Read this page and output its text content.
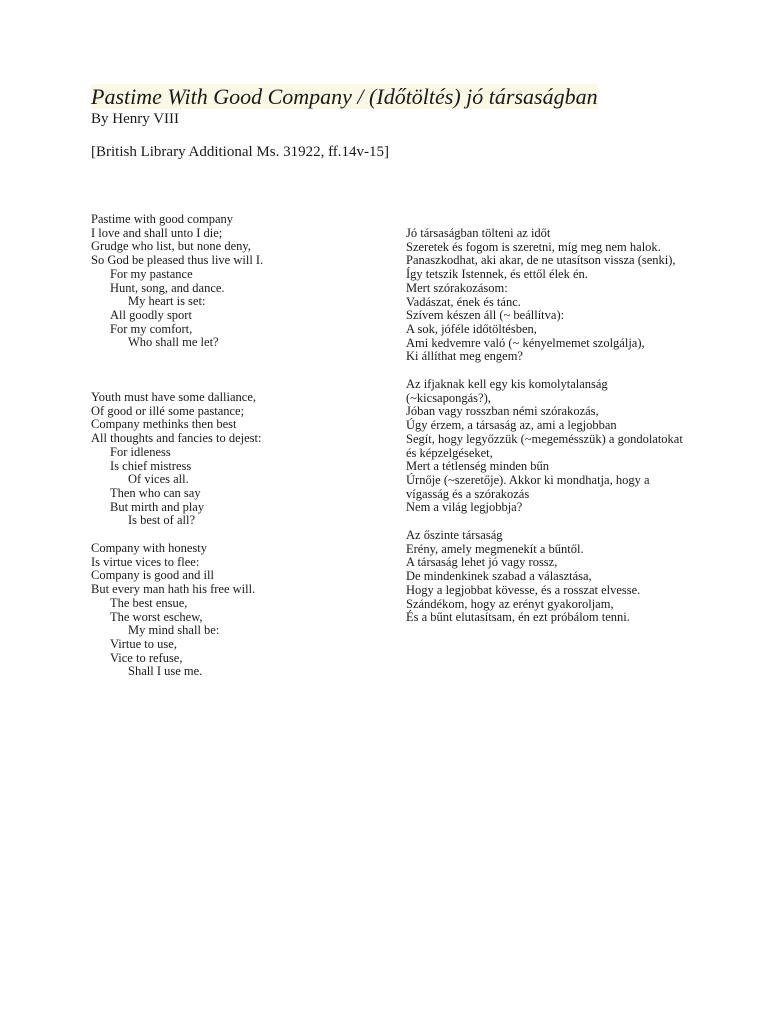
Pastime With Good Company / (Időtöltés) jó társaságban

By Henry VIII

[British Library Additional Ms. 31922, ff.14v-15]

Pastime with good company
I love and shall unto I die;
Grudge who list, but none deny,
So God be pleased thus live will I.
For my pastance
Hunt, song, and dance.
My heart is set:
All goodly sport
For my comfort,
Who shall me let?
Youth must have some dalliance,
Of good or illé some pastance;
Company methinks then best
All thoughts and fancies to dejest:
For idleness
Is chief mistress
Of vices all.
Then who can say
But mirth and play
Is best of all?
Company with honesty
Is virtue vices to flee:
Company is good and ill
But every man hath his free will.
The best ensue,
The worst eschew,
My mind shall be:
Virtue to use,
Vice to refuse,
Shall I use me.
Jó társaságban tölteni az időt
Szeretek és fogom is szeretni, míg meg nem halok.
Panaszkodhat, aki akar, de ne utasítson vissza (senki),
Így tetszik Istennek, és ettől élek én.
Mert szórakozásom:
Vadászat, ének és tánc.
Szívem készen áll (~ beállítva):
A sok, jóféle időtöltésben,
Ami kedvemre való (~ kényelmemet szolgálja),
Ki állíthat meg engem?
Az ifjaknak kell egy kis komolytalanság (~kicsapongás?),
Jóban vagy rosszban némi szórakozás,
Úgy érzem, a társaság az, ami a legjobban
Segít, hogy legyőzzük (~megemésszük) a gondolatokat és képzelgéseket,
Mert a tétlenség minden bűn
Úrnője (~szeretője). Akkor ki mondhatja, hogy a vígasság és a szórakozás
Nem a világ legjobbja?
Az őszinte társaság
Erény, amely megmenekít a bűntől.
A társaság lehet jó vagy rossz,
De mindenkinek szabad a választása,
Hogy a legjobbat kövesse, és a rosszat elvesse.
Szándékom, hogy az erényt gyakoroljam,
És a bűnt elutasítsam, én ezt próbálom tenni.
